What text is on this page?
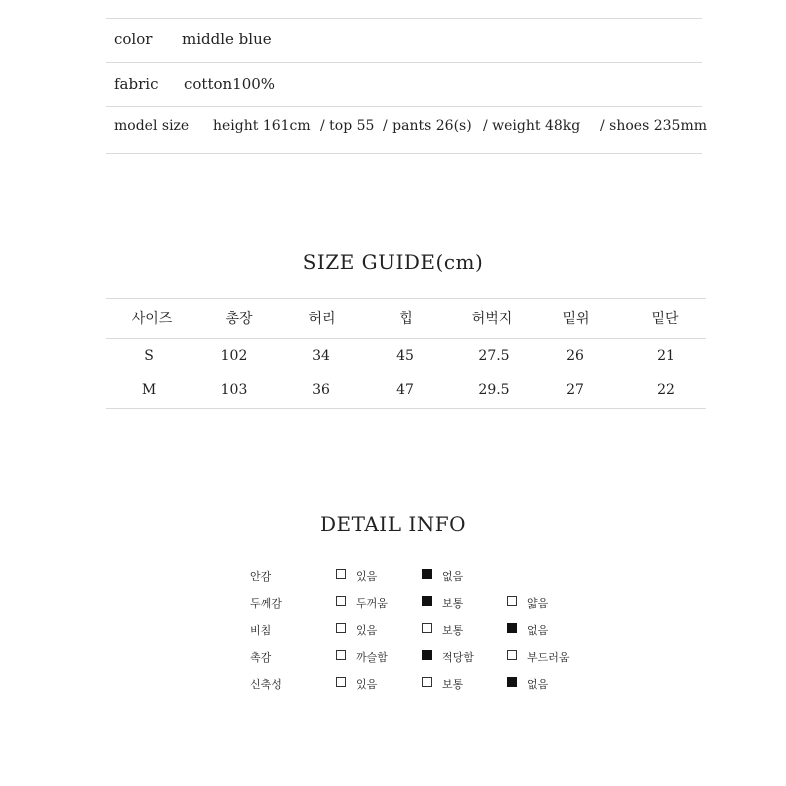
color middle blue
fabric cotton100%
model size height 161cm / top 55 / pants 26(s) / weight 48kg / shoes 235mm
SIZE GUIDE(cm)
사이즈	총장	허리	힙	허벅지	밑위	밑단
S	102	34	45	27.5	26	21
M	103	36	47	29.5	27	22
DETAIL INFO
안감	있음	없음
두께감	두꺼움	보통	얇음
비침	있음	보통	없음
촉감	까슬함	적당함	부드러움
신축성	있음	보통	없음
